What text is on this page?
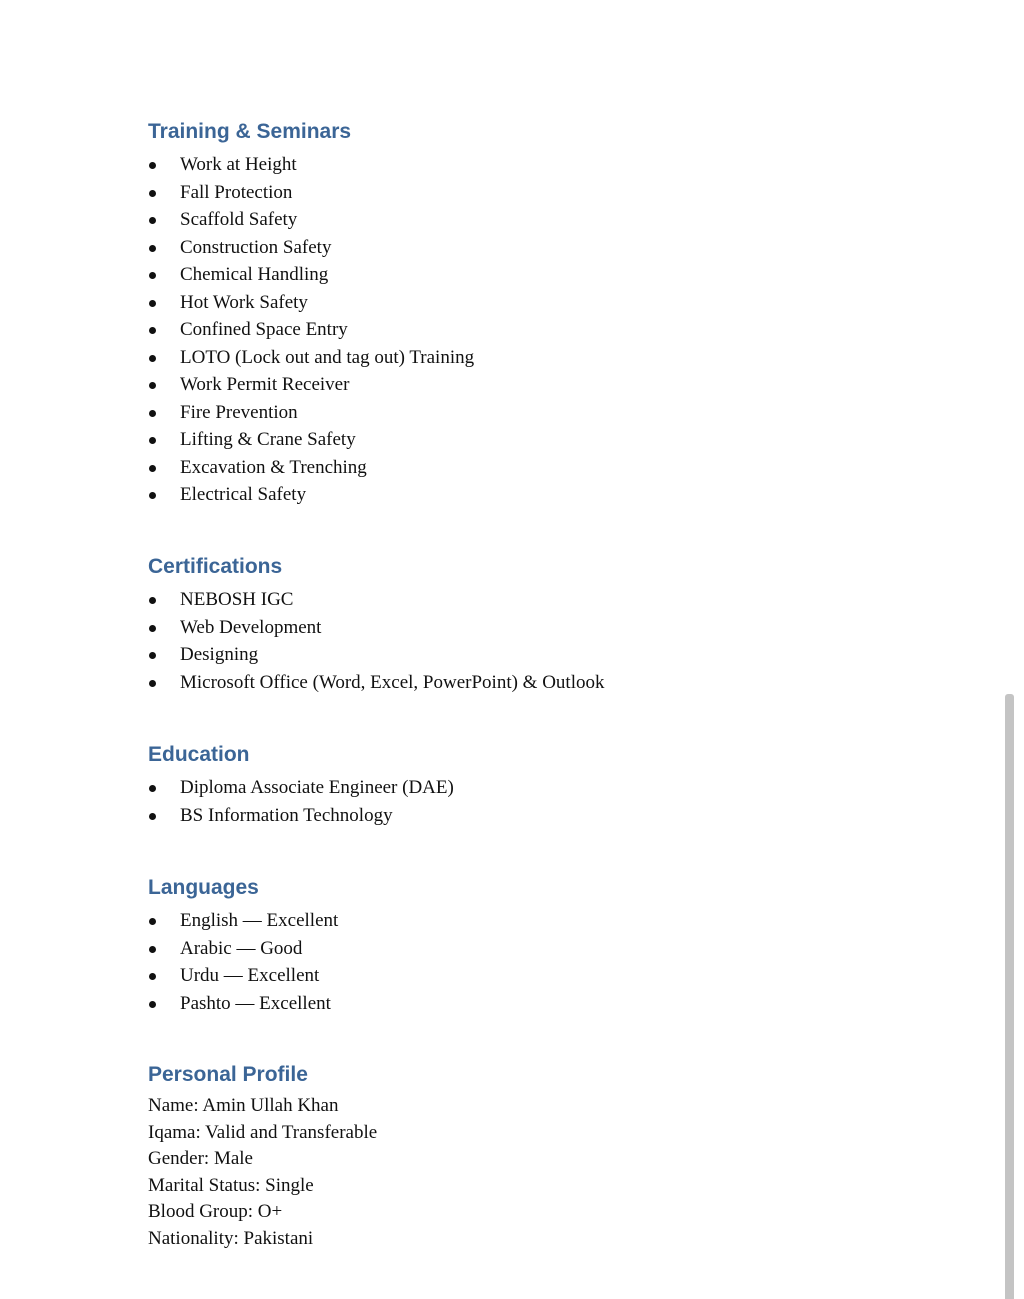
Training & Seminars
Work at Height
Fall Protection
Scaffold Safety
Construction Safety
Chemical Handling
Hot Work Safety
Confined Space Entry
LOTO (Lock out and tag out) Training
Work Permit Receiver
Fire Prevention
Lifting & Crane Safety
Excavation & Trenching
Electrical Safety
Certifications
NEBOSH IGC
Web Development
Designing
Microsoft Office (Word, Excel, PowerPoint) & Outlook
Education
Diploma Associate Engineer (DAE)
BS Information Technology
Languages
English — Excellent
Arabic — Good
Urdu — Excellent
Pashto — Excellent
Personal Profile
Name: Amin Ullah Khan
Iqama: Valid and Transferable
Gender: Male
Marital Status: Single
Blood Group: O+
Nationality: Pakistani
